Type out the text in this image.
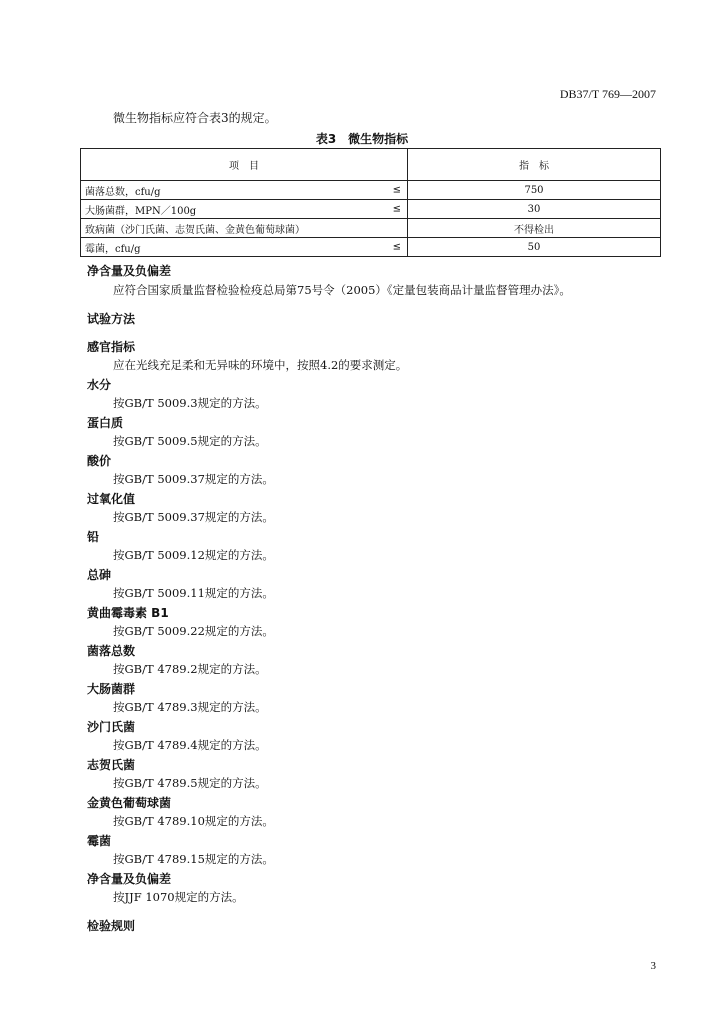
DB37/T 769—2007
微生物指标应符合表3的规定。
表3　微生物指标
项　目	指　标
菌落总数，cfu/g ≤	750
大肠菌群，MPN／100g ≤	30
致病菌（沙门氏菌、志贺氏菌、金黄色葡萄球菌）	不得检出
霉菌，cfu/g ≤	50
净含量及负偏差
应符合国家质量监督检验检疫总局第75号令（2005）《定量包装商品计量监督管理办法》。
试验方法
感官指标
应在光线充足柔和无异味的环境中，按照4.2的要求测定。
水分
按GB/T 5009.3规定的方法。
蛋白质
按GB/T 5009.5规定的方法。
酸价
按GB/T 5009.37规定的方法。
过氧化值
按GB/T 5009.37规定的方法。
铅
按GB/T 5009.12规定的方法。
总砷
按GB/T 5009.11规定的方法。
黄曲霉毒素 B1
按GB/T 5009.22规定的方法。
菌落总数
按GB/T 4789.2规定的方法。
大肠菌群
按GB/T 4789.3规定的方法。
沙门氏菌
按GB/T 4789.4规定的方法。
志贺氏菌
按GB/T 4789.5规定的方法。
金黄色葡萄球菌
按GB/T 4789.10规定的方法。
霉菌
按GB/T 4789.15规定的方法。
净含量及负偏差
按JJF 1070规定的方法。
检验规则
3
